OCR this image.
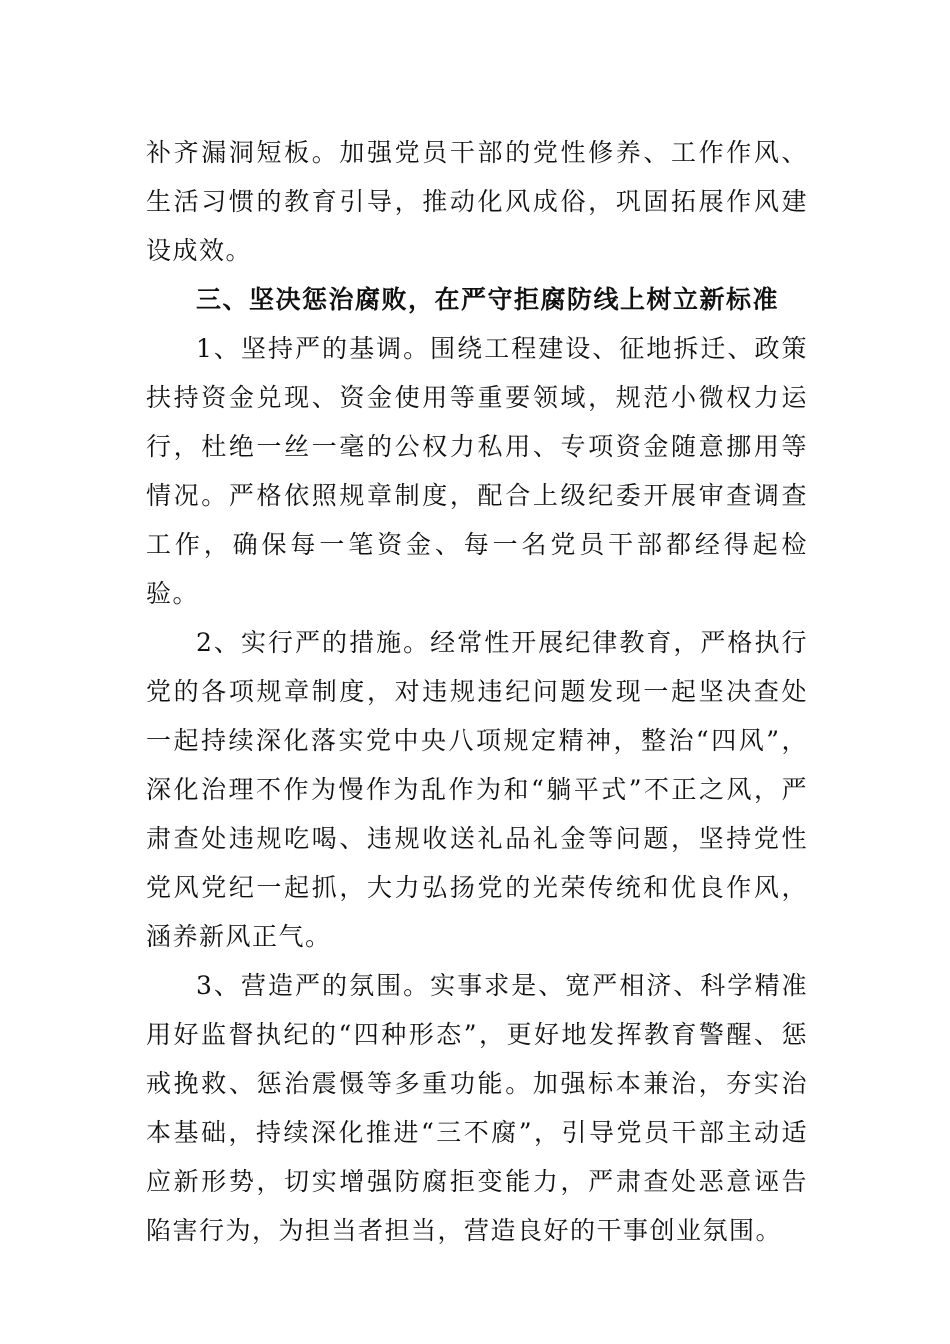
补齐漏洞短板。加强党员干部的党性修养、工作作风、生活习惯的教育引导，推动化风成俗，巩固拓展作风建设成效。

三、坚决惩治腐败，在严守拒腐防线上树立新标准

1、坚持严的基调。围绕工程建设、征地拆迁、政策扶持资金兑现、资金使用等重要领域，规范小微权力运行，杜绝一丝一毫的公权力私用、专项资金随意挪用等情况。严格依照规章制度，配合上级纪委开展审查调查工作，确保每一笔资金、每一名党员干部都经得起检验。

2、实行严的措施。经常性开展纪律教育，严格执行党的各项规章制度，对违规违纪问题发现一起坚决查处一起持续深化落实党中央八项规定精神，整治“四风”，深化治理不作为慢作为乱作为和“躺平式”不正之风，严肃查处违规吃喝、违规收送礼品礼金等问题，坚持党性党风党纪一起抓，大力弘扬党的光荣传统和优良作风，涵养新风正气。

3、营造严的氛围。实事求是、宽严相济、科学精准用好监督执纪的“四种形态”，更好地发挥教育警醒、惩戒挽救、惩治震慑等多重功能。加强标本兼治，夯实治本基础，持续深化推进“三不腐”，引导党员干部主动适应新形势，切实增强防腐拒变能力，严肃查处恶意诬告陷害行为，为担当者担当，营造良好的干事创业氛围。
